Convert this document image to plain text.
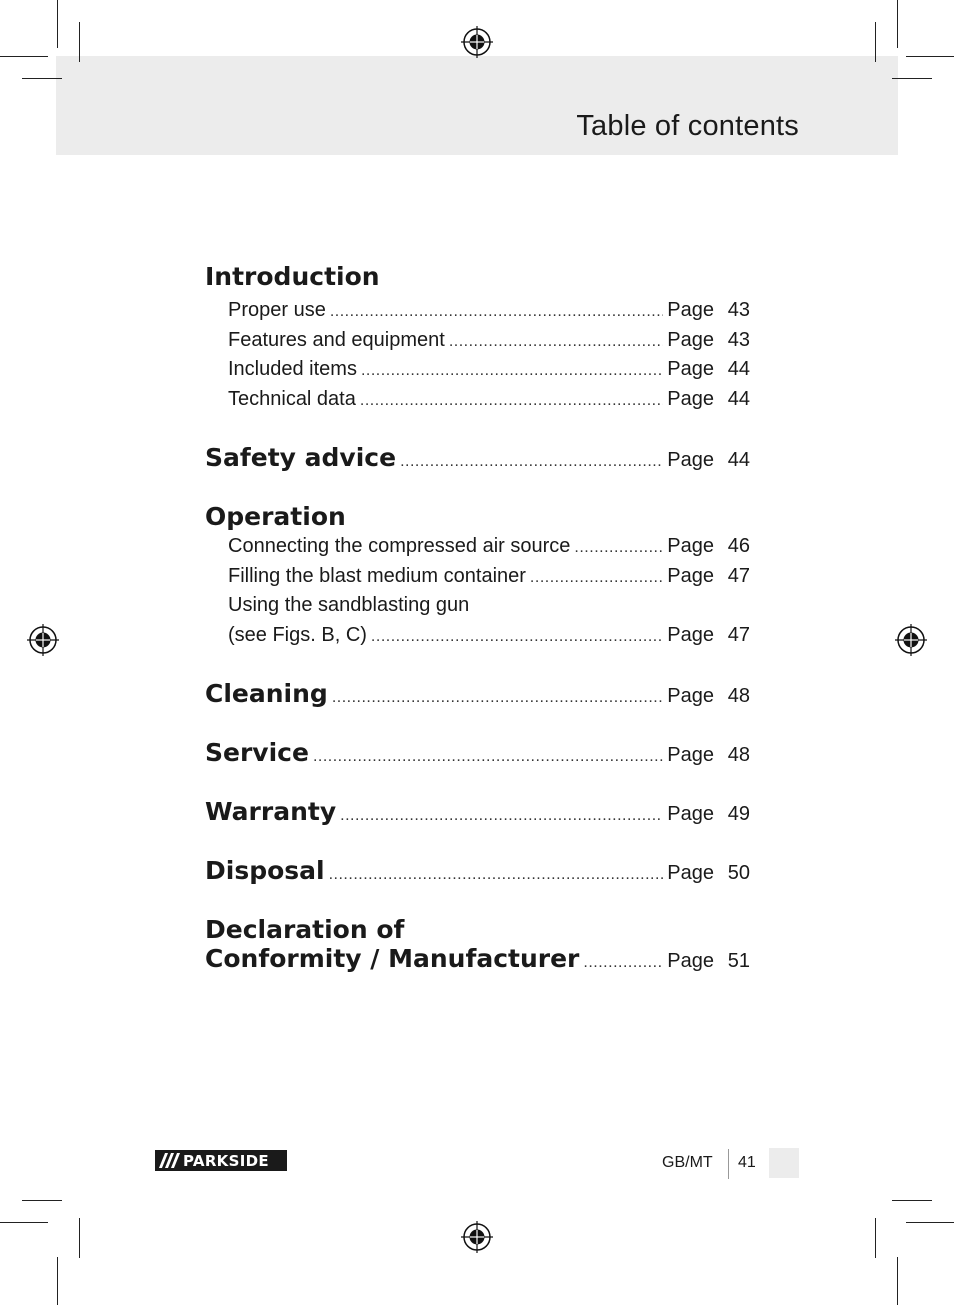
Table of contents
Introduction
Proper use .....	Page 43
Features and equipment .....	Page 43
Included items .....	Page 44
Technical data .....	Page 44
Safety advice .....	Page 44
Operation
Connecting the compressed air source .....	Page 46
Filling the blast medium container .....	Page 47
Using the sandblasting gun
(see Figs. B, C) .....	Page 47
Cleaning .....	Page 48
Service .....	Page 48
Warranty .....	Page 49
Disposal .....	Page 50
Declaration of
Conformity / Manufacturer .....	Page 51
PARKSIDE	GB/MT 41
